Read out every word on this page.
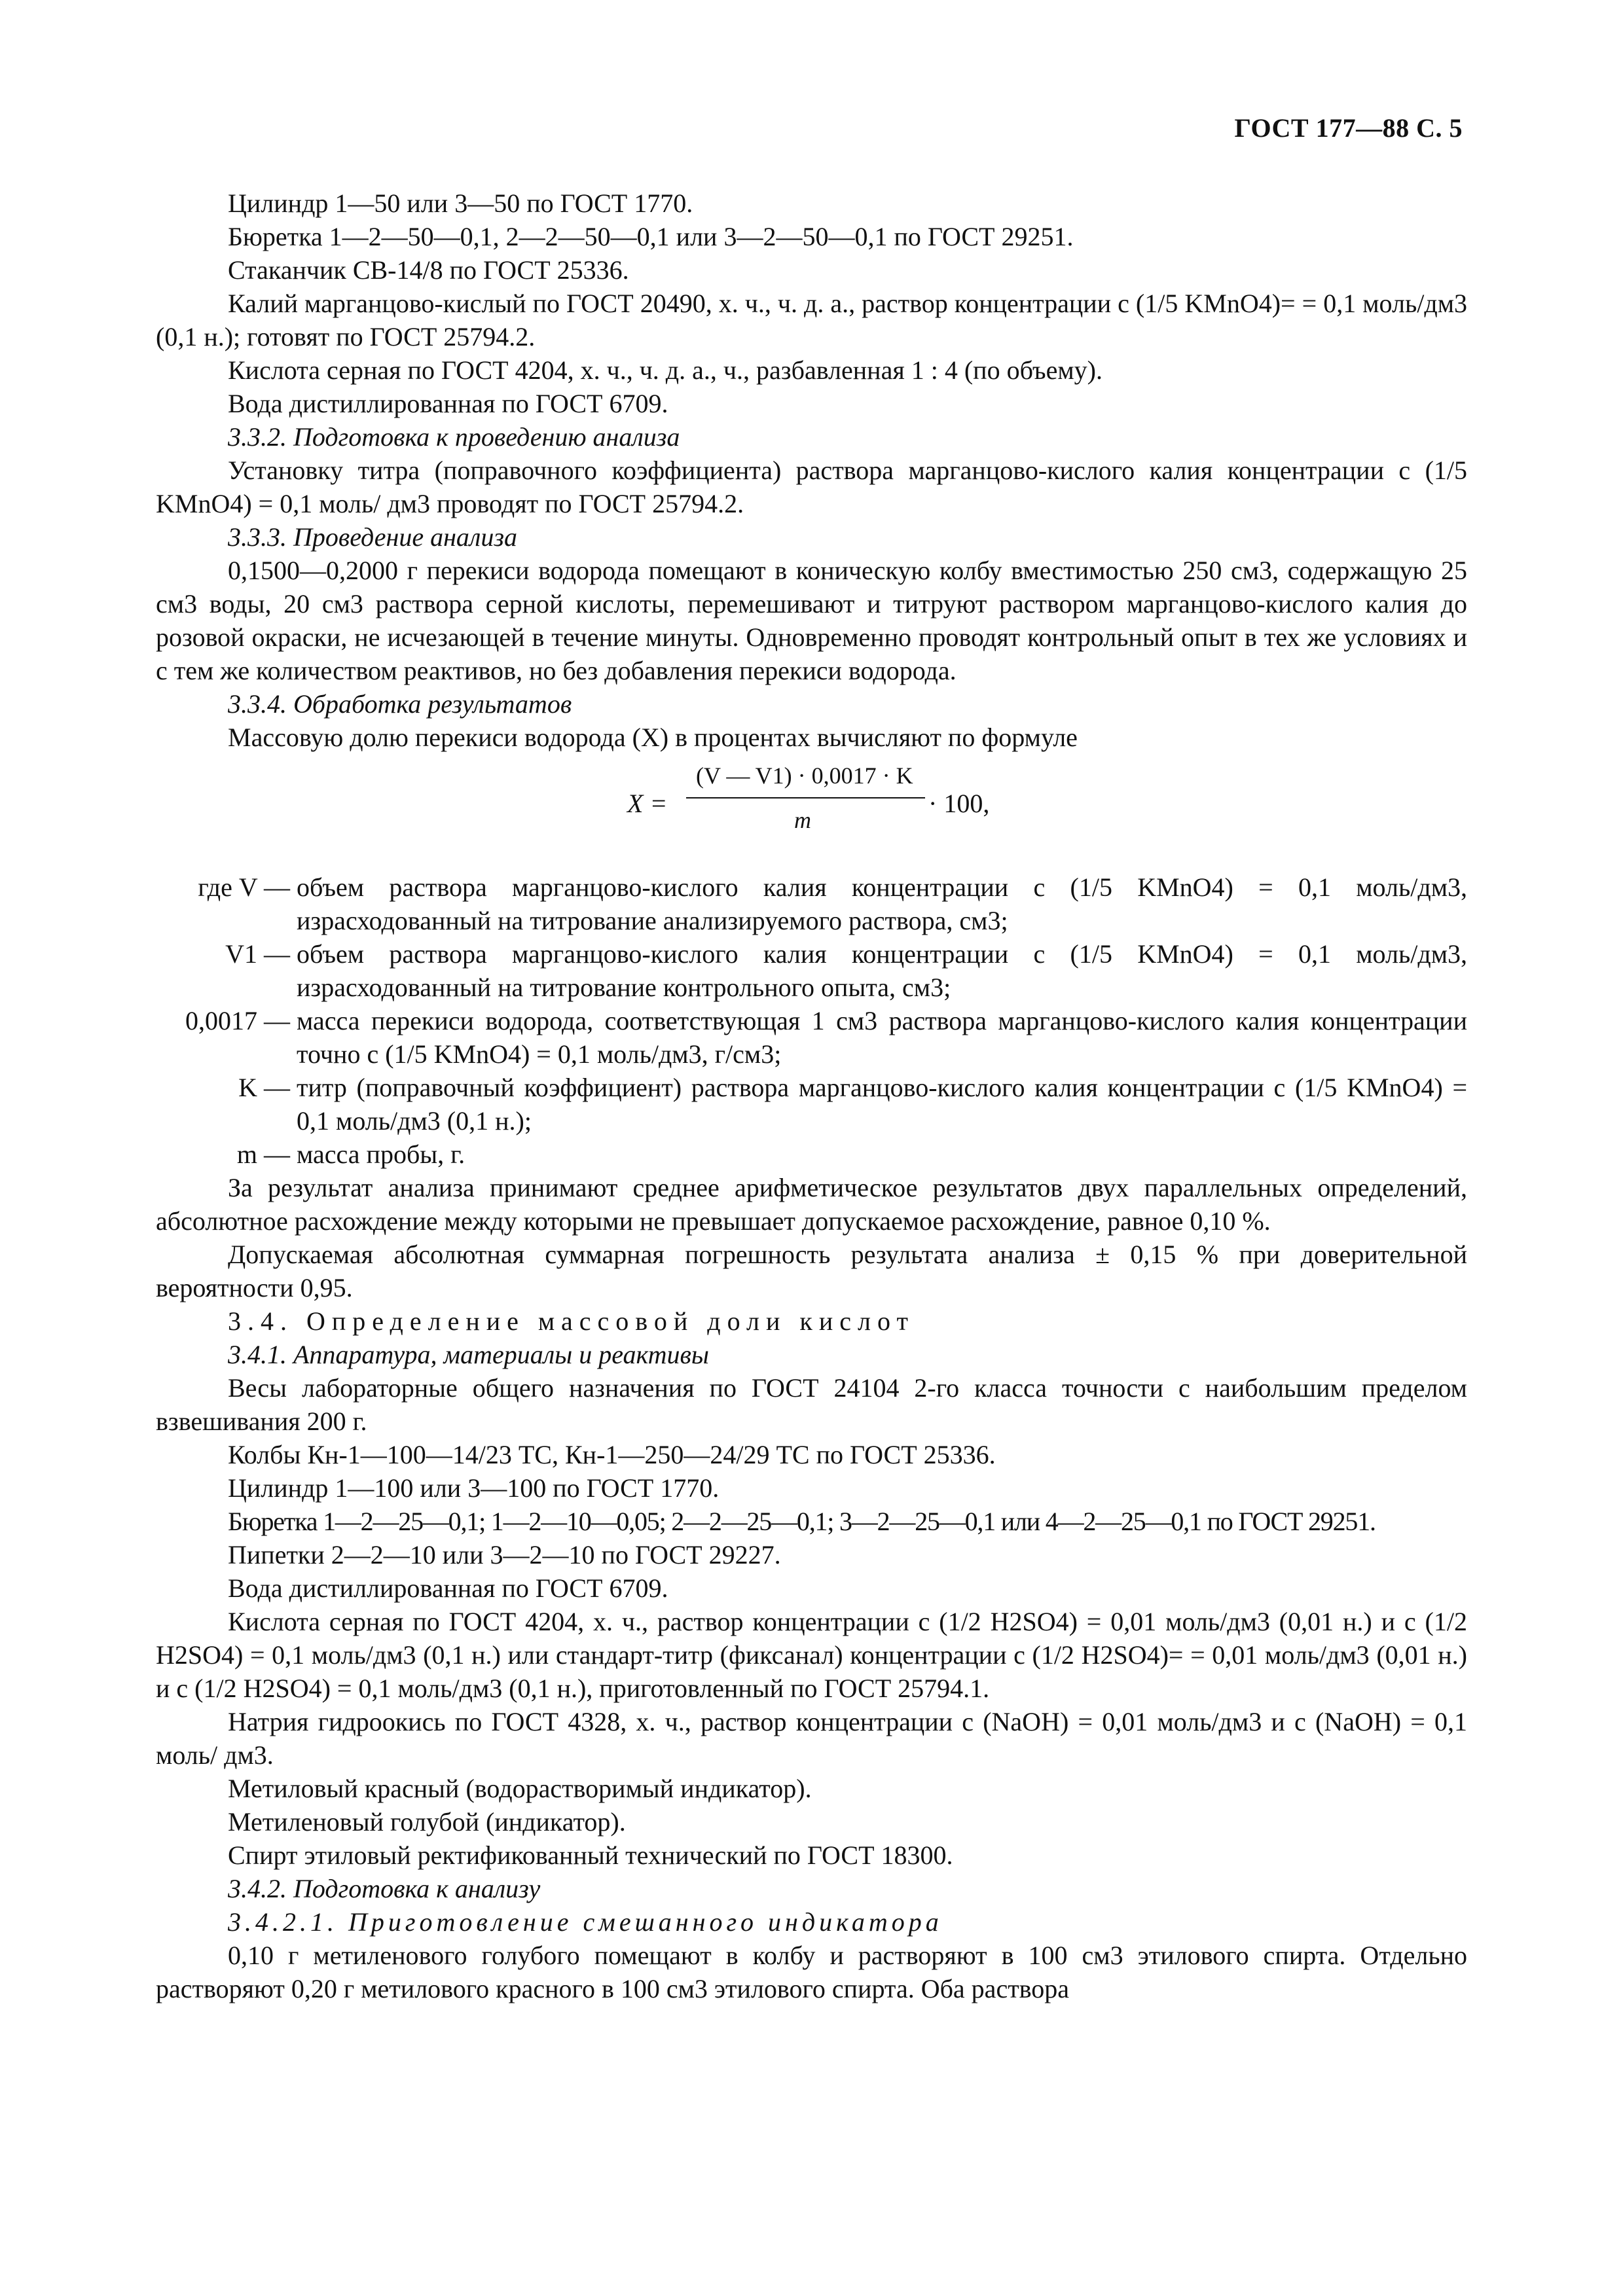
ГОСТ 177—88 С. 5

Цилиндр 1—50 или 3—50 по ГОСТ 1770.

Бюретка 1—2—50—0,1, 2—2—50—0,1 или 3—2—50—0,1 по ГОСТ 29251.

Стаканчик СВ-14/8 по ГОСТ 25336.

Калий марганцово-кислый по ГОСТ 20490, х. ч., ч. д. а., раствор концентрации c (1/5 KMnO4)= = 0,1 моль/дм3 (0,1 н.); готовят по ГОСТ 25794.2.

Кислота серная по ГОСТ 4204, х. ч., ч. д. а., ч., разбавленная 1 : 4 (по объему).

Вода дистиллированная по ГОСТ 6709.

3.3.2. Подготовка к проведению анализа

Установку титра (поправочного коэффициента) раствора марганцово-кислого калия концентрации c (1/5 KMnO4) = 0,1 моль/ дм3 проводят по ГОСТ 25794.2.

3.3.3. Проведение анализа

0,1500—0,2000 г перекиси водорода помещают в коническую колбу вместимостью 250 см3, содержащую 25 см3 воды, 20 см3 раствора серной кислоты, перемешивают и титруют раствором марганцово-кислого калия до розовой окраски, не исчезающей в течение минуты. Одновременно проводят контрольный опыт в тех же условиях и с тем же количеством реактивов, но без добавления перекиси водорода.

3.3.4. Обработка результатов

Массовую долю перекиси водорода (X) в процентах вычисляют по формуле

X =
(V — V1) · 0,0017 · K
m
· 100,
где V — объем раствора марганцово-кислого калия концентрации c (1/5 KMnO4) = 0,1 моль/дм3, израсходованный на титрование анализируемого раствора, см3;
V1 — объем раствора марганцово-кислого калия концентрации c (1/5 KMnO4) = 0,1 моль/дм3, израсходованный на титрование контрольного опыта, см3;
0,0017 — масса перекиси водорода, соответствующая 1 см3 раствора марганцово-кислого калия концентрации точно c (1/5 KMnO4) = 0,1 моль/дм3, г/см3;
K — титр (поправочный коэффициент) раствора марганцово-кислого калия концентрации c (1/5 KMnO4) = 0,1 моль/дм3 (0,1 н.);
m — масса пробы, г.

За результат анализа принимают среднее арифметическое результатов двух параллельных определений, абсолютное расхождение между которыми не превышает допускаемое расхождение, равное 0,10 %.

Допускаемая абсолютная суммарная погрешность результата анализа ± 0,15 % при доверительной вероятности 0,95.

3.4. Определение массовой доли кислот

3.4.1. Аппаратура, материалы и реактивы

Весы лабораторные общего назначения по ГОСТ 24104 2-го класса точности с наибольшим пределом взвешивания 200 г.

Колбы Кн-1—100—14/23 ТС, Кн-1—250—24/29 ТС по ГОСТ 25336.

Цилиндр 1—100 или 3—100 по ГОСТ 1770.

Бюретка 1—2—25—0,1; 1—2—10—0,05; 2—2—25—0,1; 3—2—25—0,1 или 4—2—25—0,1 по ГОСТ 29251.

Пипетки 2—2—10 или 3—2—10 по ГОСТ 29227.

Вода дистиллированная по ГОСТ 6709.

Кислота серная по ГОСТ 4204, х. ч., раствор концентрации c (1/2 H2SO4) = 0,01 моль/дм3 (0,01 н.) и c (1/2 H2SO4) = 0,1 моль/дм3 (0,1 н.) или стандарт-титр (фиксанал) концентрации c (1/2 H2SO4)= = 0,01 моль/дм3 (0,01 н.) и c (1/2 H2SO4) = 0,1 моль/дм3 (0,1 н.), приготовленный по ГОСТ 25794.1.

Натрия гидроокись по ГОСТ 4328, х. ч., раствор концентрации c (NaOH) = 0,01 моль/дм3 и c (NaOH) = 0,1 моль/ дм3.

Метиловый красный (водорастворимый индикатор).

Метиленовый голубой (индикатор).

Спирт этиловый ректификованный технический по ГОСТ 18300.

3.4.2. Подготовка к анализу

3.4.2.1. Приготовление смешанного индикатора

0,10 г метиленового голубого помещают в колбу и растворяют в 100 см3 этилового спирта. Отдельно растворяют 0,20 г метилового красного в 100 см3 этилового спирта. Оба раствора
